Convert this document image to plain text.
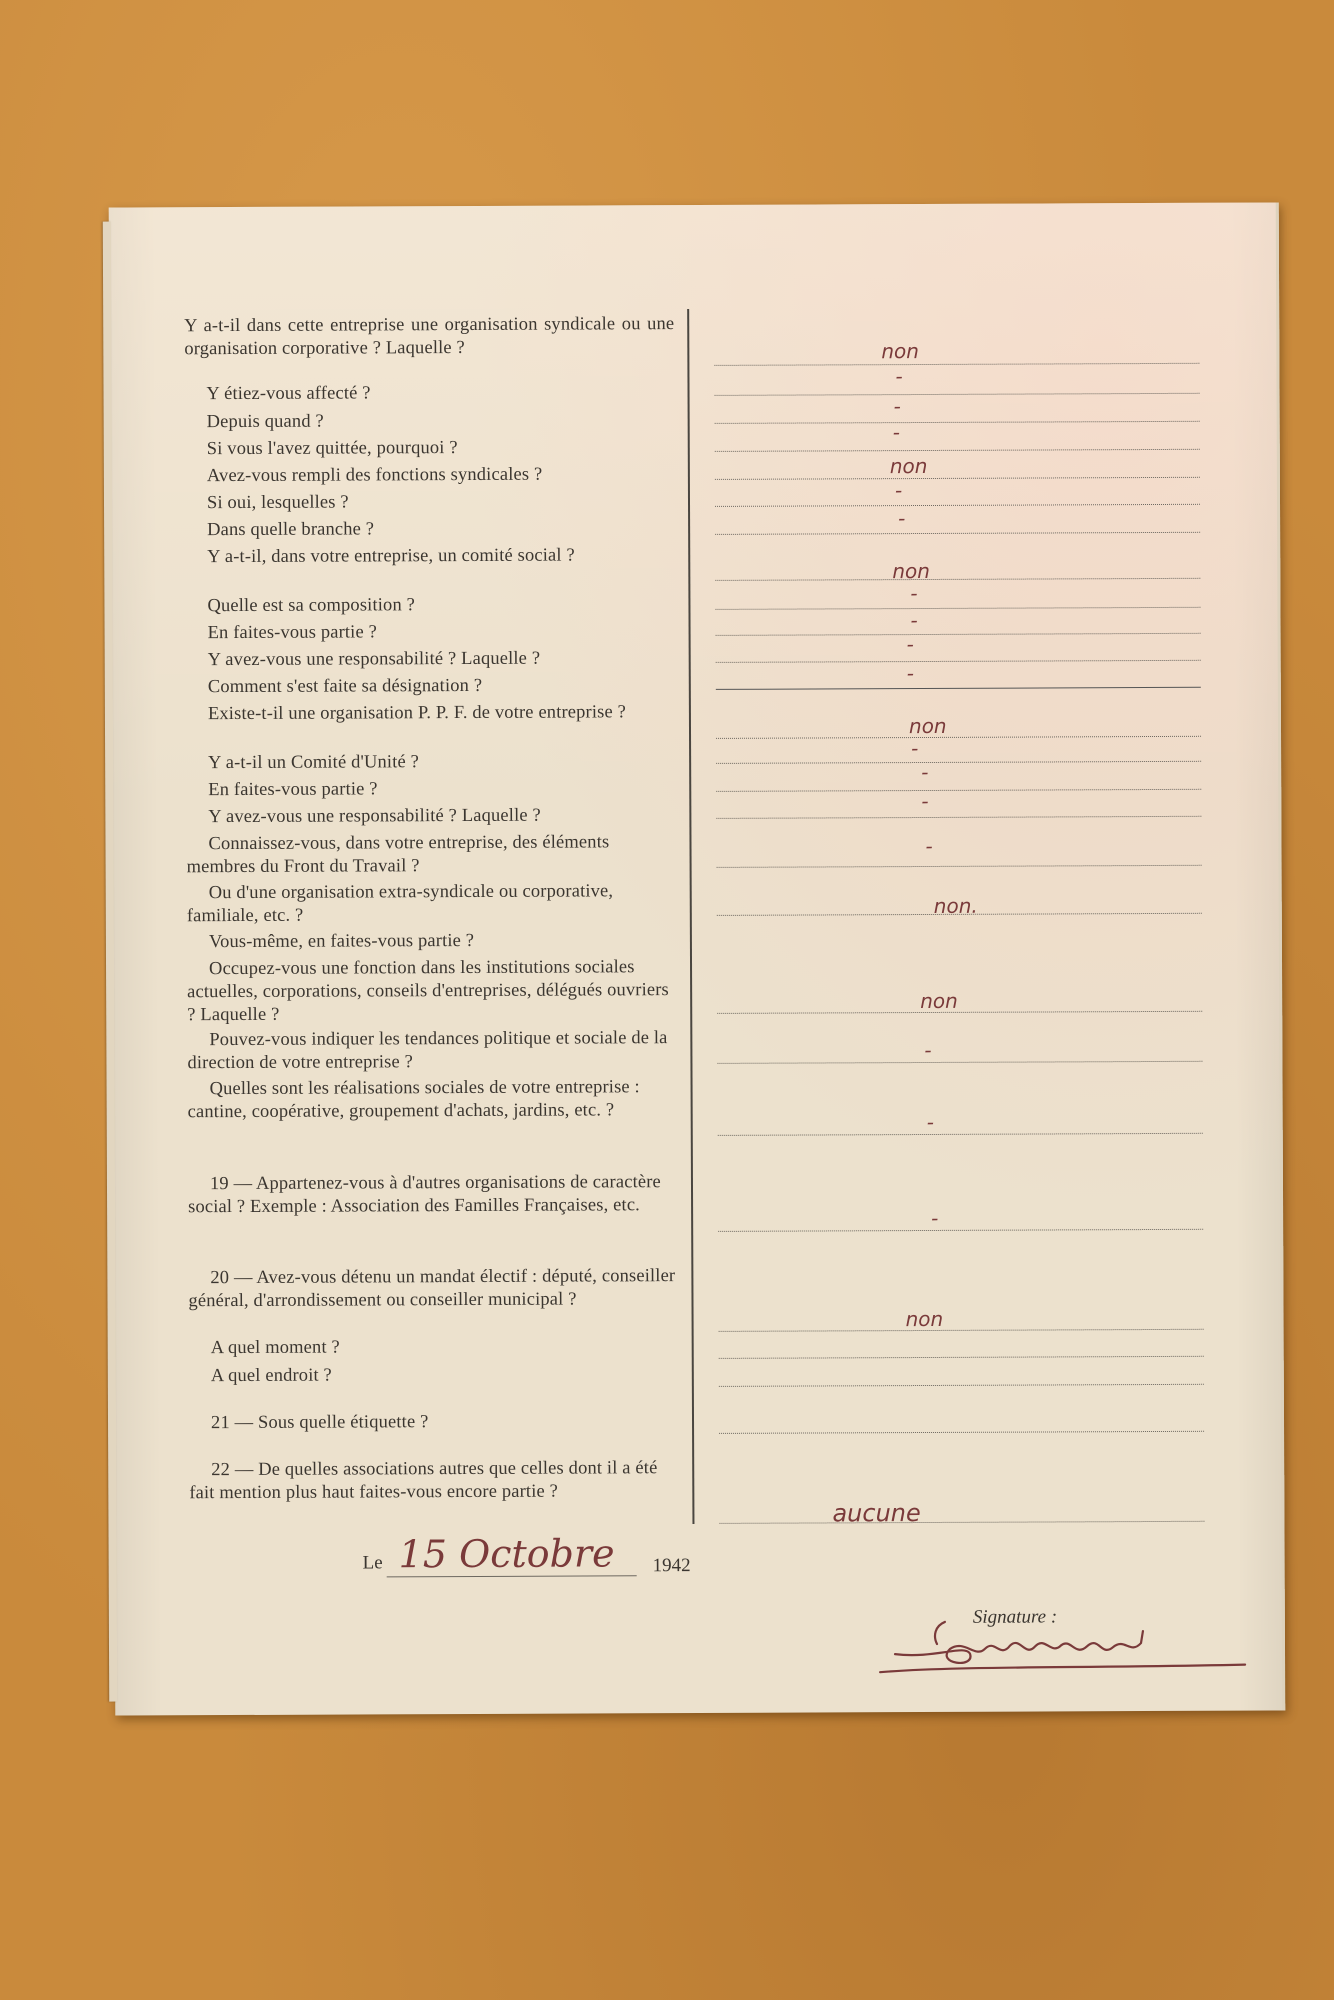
Y a-t-il dans cette entreprise une organisation syndicale ou une organisation corporative ? Laquelle ?
Y étiez-vous affecté ?
Depuis quand ?
Si vous l'avez quittée, pourquoi ?
Avez-vous rempli des fonctions syndicales ?
Si oui, lesquelles ?
Dans quelle branche ?
Y a-t-il, dans votre entreprise, un comité social ?
Quelle est sa composition ?
En faites-vous partie ?
Y avez-vous une responsabilité ? Laquelle ?
Comment s'est faite sa désignation ?
Existe-t-il une organisation P. P. F. de votre entreprise ?
Y a-t-il un Comité d'Unité ?
En faites-vous partie ?
Y avez-vous une responsabilité ? Laquelle ?
Connaissez-vous, dans votre entreprise, des éléments membres du Front du Travail ?
Ou d'une organisation extra-syndicale ou corporative, familiale, etc. ?
Vous-même, en faites-vous partie ?
Occupez-vous une fonction dans les institutions sociales actuelles, corporations, conseils d'entreprises, délégués ouvriers ? Laquelle ?
Pouvez-vous indiquer les tendances politique et sociale de la direction de votre entreprise ?
Quelles sont les réalisations sociales de votre entreprise : cantine, coopérative, groupement d'achats, jardins, etc. ?
19 — Appartenez-vous à d'autres organisations de caractère social ? Exemple : Association des Familles Françaises, etc.
20 — Avez-vous détenu un mandat électif : député, conseiller général, d'arrondissement ou conseiller municipal ?
A quel moment ?
A quel endroit ?
21 — Sous quelle étiquette ?
22 — De quelles associations autres que celles dont il a été fait mention plus haut faites-vous encore partie ?
non
-
-
-
non
-
-
non
-
-
-
-
non
-
-
-
-
non.
non
-
-
-
non
aucune
Le 15 Octobre 1942
Signature :
